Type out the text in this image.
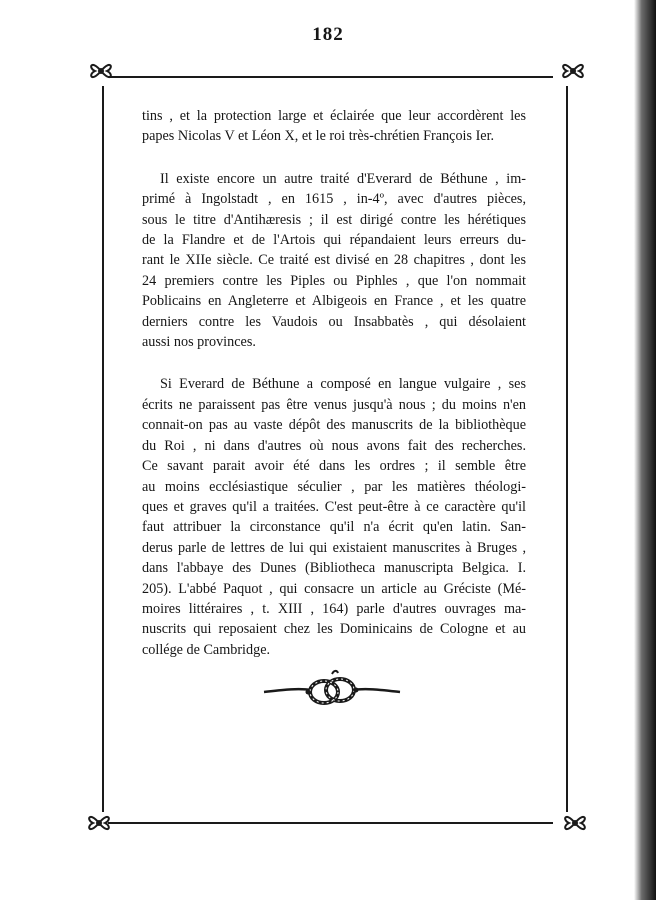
182

tins , et la protection large et éclairée que leur accordèrent les
papes Nicolas V et Léon X, et le roi très-chrétien François Ier.

Il existe encore un autre traité d'Everard de Béthune , im-
primé à Ingolstadt , en 1615 , in-4º, avec d'autres pièces,
sous le titre d'Antihæresis ; il est dirigé contre les hérétiques
de la Flandre et de l'Artois qui répandaient leurs erreurs du-
rant le XIIe siècle. Ce traité est divisé en 28 chapitres , dont les
24 premiers contre les Piples ou Piphles , que l'on nommait
Poblicains en Angleterre et Albigeois en France , et les quatre
derniers contre les Vaudois ou Insabbatès , qui désolaient
aussi nos provinces.

Si Everard de Béthune a composé en langue vulgaire , ses
écrits ne paraissent pas être venus jusqu'à nous ; du moins n'en
connait-on pas au vaste dépôt des manuscrits de la bibliothèque
du Roi , ni dans d'autres où nous avons fait des recherches.
Ce savant parait avoir été dans les ordres ; il semble être
au moins ecclésiastique séculier , par les matières théologi-
ques et graves qu'il a traitées. C'est peut-être à ce caractère qu'il
faut attribuer la circonstance qu'il n'a écrit qu'en latin. San-
derus parle de lettres de lui qui existaient manuscrites à Bruges ,
dans l'abbaye des Dunes (Bibliotheca manuscripta Belgica. I.
205). L'abbé Paquot , qui consacre un article au Gréciste (Mé-
moires littéraires , t. XIII , 164) parle d'autres ouvrages ma-
nuscrits qui reposaient chez les Dominicains de Cologne et au
collége de Cambridge.
